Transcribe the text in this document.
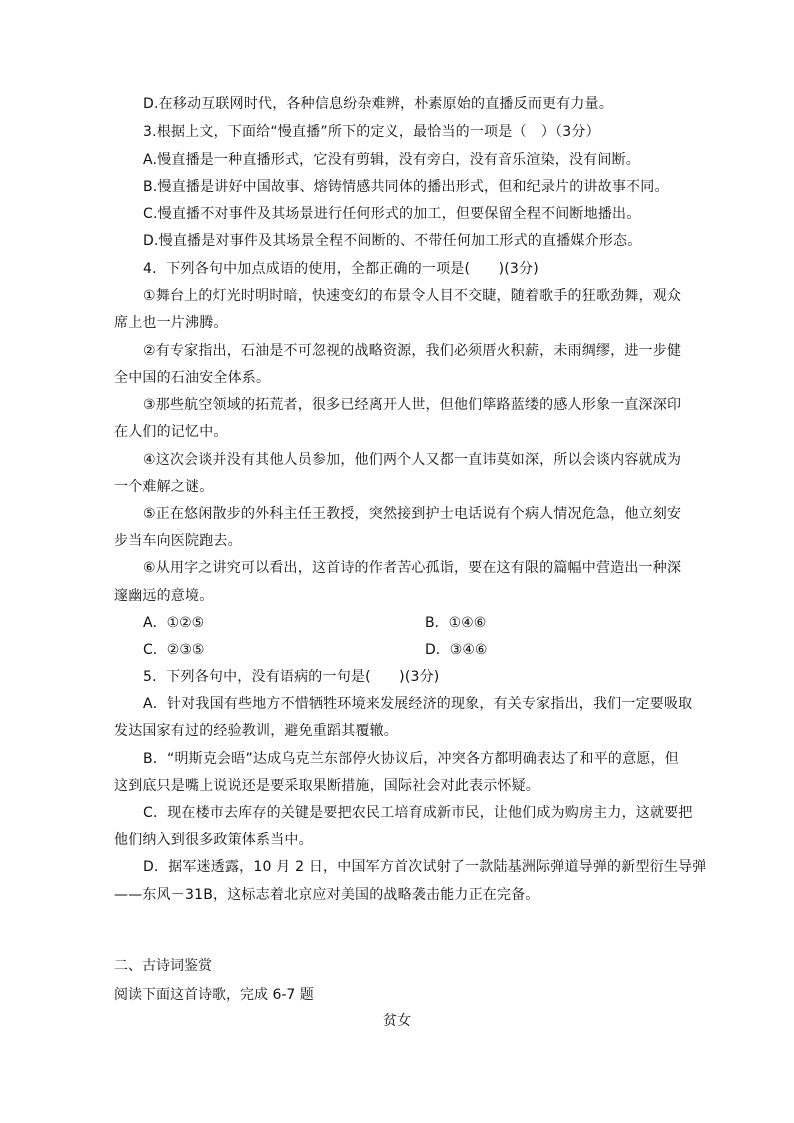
D.在移动互联网时代，各种信息纷杂难辨，朴素原始的直播反而更有力量。
3.根据上文，下面给“慢直播”所下的定义，最恰当的一项是（　）（3分）
A.慢直播是一种直播形式，它没有剪辑，没有旁白，没有音乐渲染，没有间断。
B.慢直播是讲好中国故事、熔铸情感共同体的播出形式，但和纪录片的讲故事不同。
C.慢直播不对事件及其场景进行任何形式的加工，但要保留全程不间断地播出。
D.慢直播是对事件及其场景全程不间断的、不带任何加工形式的直播媒介形态。
4．下列各句中加点成语的使用，全都正确的一项是(　　)(3分)
①舞台上的灯光时明时暗，快速变幻的布景令人目不交睫，随着歌手的狂歌劲舞，观众
席上也一片沸腾。
②有专家指出，石油是不可忽视的战略资源，我们必须厝火积薪，未雨绸缪，进一步健
全中国的石油安全体系。
③那些航空领域的拓荒者，很多已经离开人世，但他们筚路蓝缕的感人形象一直深深印
在人们的记忆中。
④这次会谈并没有其他人员参加，他们两个人又都一直讳莫如深，所以会谈内容就成为
一个难解之谜。
⑤正在悠闲散步的外科主任王教授，突然接到护士电话说有个病人情况危急，他立刻安
步当车向医院跑去。
⑥从用字之讲究可以看出，这首诗的作者苦心孤诣，要在这有限的篇幅中营造出一种深
邃幽远的意境。
A．①②⑤	B．①④⑥
C．②③⑤	D．③④⑥
5．下列各句中，没有语病的一句是(　　)(3分)
A．针对我国有些地方不惜牺牲环境来发展经济的现象，有关专家指出，我们一定要吸取
发达国家有过的经验教训，避免重蹈其覆辙。
B．“明斯克会晤”达成乌克兰东部停火协议后，冲突各方都明确表达了和平的意愿，但
这到底只是嘴上说说还是要采取果断措施，国际社会对此表示怀疑。
C．现在楼市去库存的关键是要把农民工培育成新市民，让他们成为购房主力，这就要把
他们纳入到很多政策体系当中。
D．据军迷透露，10 月 2 日，中国军方首次试射了一款陆基洲际弹道导弹的新型衍生导弹
——东风－31B，这标志着北京应对美国的战略袭击能力正在完备。
二、古诗词鉴赏
阅读下面这首诗歌，完成 6-7 题
贫女
